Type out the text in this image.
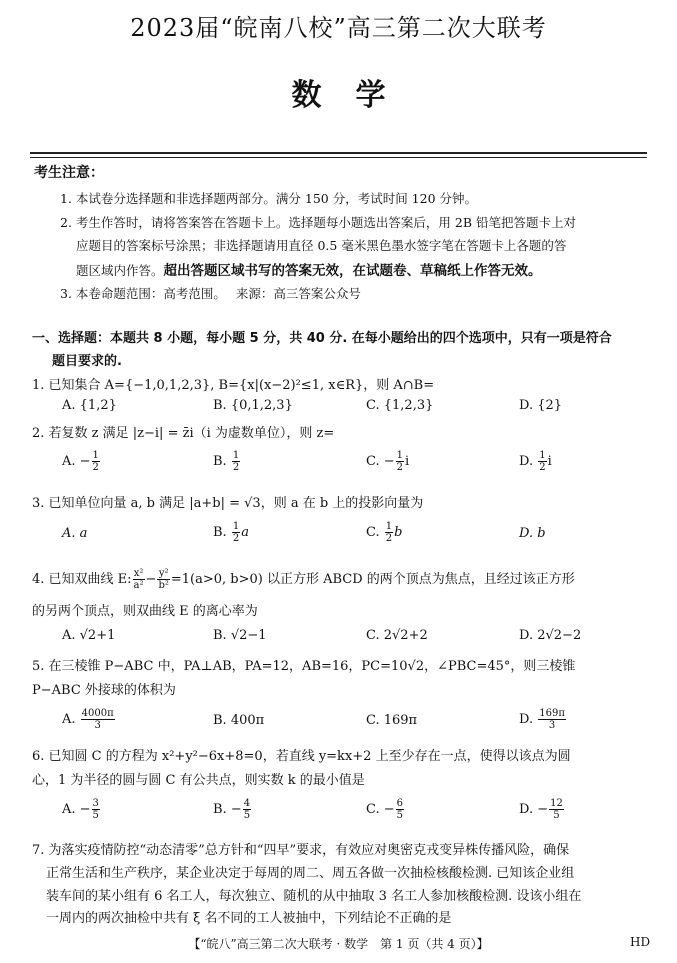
2023届“皖南八校”高三第二次大联考
数学
考生注意：
1. 本试卷分选择题和非选择题两部分。满分 150 分，考试时间 120 分钟。
2. 考生作答时，请将答案答在答题卡上。选择题每小题选出答案后，用 2B 铅笔把答题卡上对
应题目的答案标号涂黑；非选择题请用直径 0.5 毫米黑色墨水签字笔在答题卡上各题的答
题区域内作答。超出答题区域书写的答案无效，在试题卷、草稿纸上作答无效。
3. 本卷命题范围：高考范围。 来源：高三答案公众号
一、选择题：本题共 8 小题，每小题 5 分，共 40 分. 在每小题给出的四个选项中，只有一项是符合
题目要求的.
1. 已知集合 A={−1,0,1,2,3}, B={x|(x−2)²≤1, x∈R}，则 A∩B=
A. {1,2}	B. {0,1,2,3}	C. {1,2,3}	D. {2}
2. 若复数 z 满足 |z−i| = z̄i（i 为虚数单位），则 z=
A. − $\frac{1}{2}$	B. $\frac{1}{2}$	C. − $\frac{1}{2}$ i	D. $\frac{1}{2}$ i
3. 已知单位向量 a, b 满足 |a+b| = √3，则 a 在 b 上的投影向量为
A. a	B. $\frac{1}{2}$ a	C. $\frac{1}{2}$ b	D. b
4. 已知双曲线 E: $\frac{\text{x²}}{\text{a²}} - \frac{\text{y²}}{\text{b²}} =1(a>0$, b>0) 以正方形 ABCD 的两个顶点为焦点，且经过该正方形
的另两个顶点，则双曲线 E 的离心率为
A. √2+1	B. √2−1	C. 2√2+2	D. 2√2−2
5. 在三棱锥 P−ABC 中，PA⊥AB，PA=12，AB=16，PC=10√2，∠PBC=45°，则三棱锥
P−ABC 外接球的体积为
A. $\frac{4000\pi}{3}$	B. 400π	C. 169π	D. $\frac{169\pi}{3}$
6. 已知圆 C 的方程为 x²+y²−6x+8=0，若直线 y=kx+2 上至少存在一点，使得以该点为圆
心，1 为半径的圆与圆 C 有公共点，则实数 k 的最小值是
A. − $\frac{3}{5}$	B. − $\frac{4}{5}$	C. − $\frac{6}{5}$	D. − $\frac{12}{5}$
7. 为落实疫情防控“动态清零”总方针和“四早”要求，有效应对奥密克戎变异株传播风险，确保
正常生活和生产秩序，某企业决定于每周的周二、周五各做一次抽检核酸检测. 已知该企业组
装车间的某小组有 6 名工人，每次独立、随机的从中抽取 3 名工人参加核酸检测. 设该小组在
一周内的两次抽检中共有 ξ 名不同的工人被抽中，下列结论不正确的是
【“皖八”高三第二次大联考 · 数学　第 1 页（共 4 页）】	HD
